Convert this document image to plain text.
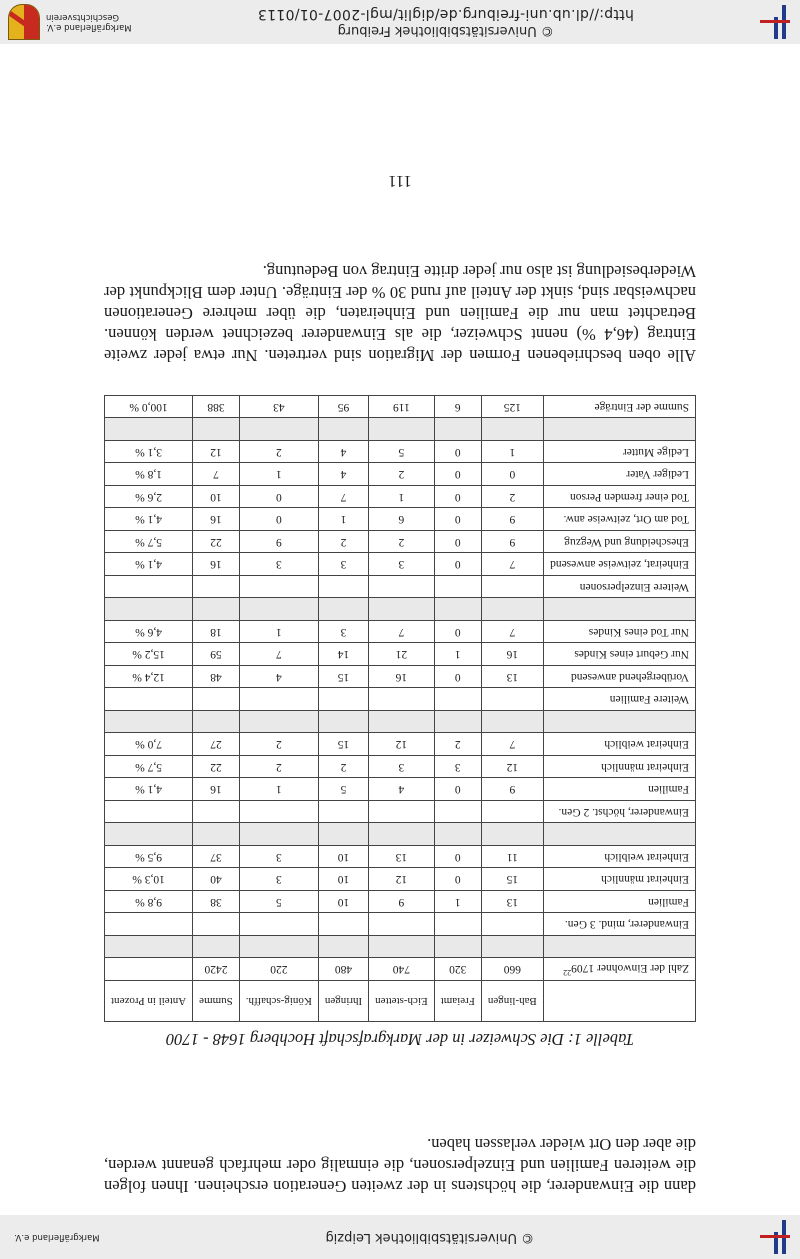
© Universitätsbibliothek Leipzig
Markgräflerland e.V.

dann die Einwanderer, die höchstens in der zweiten Generation erscheinen. Ihnen folgen die weiteren Familien und Einzelpersonen, die einmalig oder mehrfach genannt werden, die aber den Ort wieder verlassen haben.

Tabelle 1: Die Schweizer in der Markgrafschaft Hochberg 1648 - 1700
	Bah-lingen	Freiamt	Eich-stetten	Ihringen	König-schaffh.	Summe	Anteil in Prozent
Zahl der Einwohner 1709$^{22}$	660	320	740	480	220	2420	

Einwanderer, mind. 3 Gen.							
Familien	13	1	9	10	5	38	9,8 %
Einheirat männlich	15	0	12	10	3	40	10,3 %
Einheirat weiblich	11	0	13	10	3	37	9,5 %

Einwanderer, höchst. 2 Gen.							
Familien	9	0	4	5	1	16	4,1 %
Einheirat männlich	12	3	3	2	2	22	5,7 %
Einheirat weiblich	7	2	12	15	2	27	7,0 %

Weitere Familien							
Vorübergehend anwesend	13	0	16	15	4	48	12,4 %
Nur Geburt eines Kindes	16	1	21	14	7	59	15,2 %
Nur Tod eines Kindes	7	0	7	3	1	18	4,6 %

Weitere Einzelpersonen							
Einheirat, zeitweise anwesend	7	0	3	3	3	16	4,1 %
Ehescheidung und Wegzug	9	0	2	2	9	22	5,7 %
Tod am Ort, zeitweise anw.	9	0	6	1	0	16	4,1 %
Tod einer fremden Person	2	0	1	7	0	10	2,6 %
Lediger Vater	0	0	2	4	1	7	1,8 %
Ledige Mutter	1	0	5	4	2	12	3,1 %

Summe der Einträge	125	6	119	95	43	388	100,0 %

Alle oben beschriebenen Formen der Migration sind vertreten. Nur etwa jeder zweite Eintrag (46,4 %) nennt Schweizer, die als Einwanderer bezeichnet werden können. Betrachtet man nur die Familien und Einheiraten, die über mehrere Generationen nachweisbar sind, sinkt der Anteil auf rund 30 % der Einträge. Unter dem Blickpunkt der Wiederbesiedlung ist also nur jeder dritte Eintrag von Bedeutung.

111
© Universitätsbibliothek Freiburg
http://dl.ub.uni-freiburg.de/diglit/mgl-2007-01/0113
Markgräflerland e.V.
Geschichtsverein
